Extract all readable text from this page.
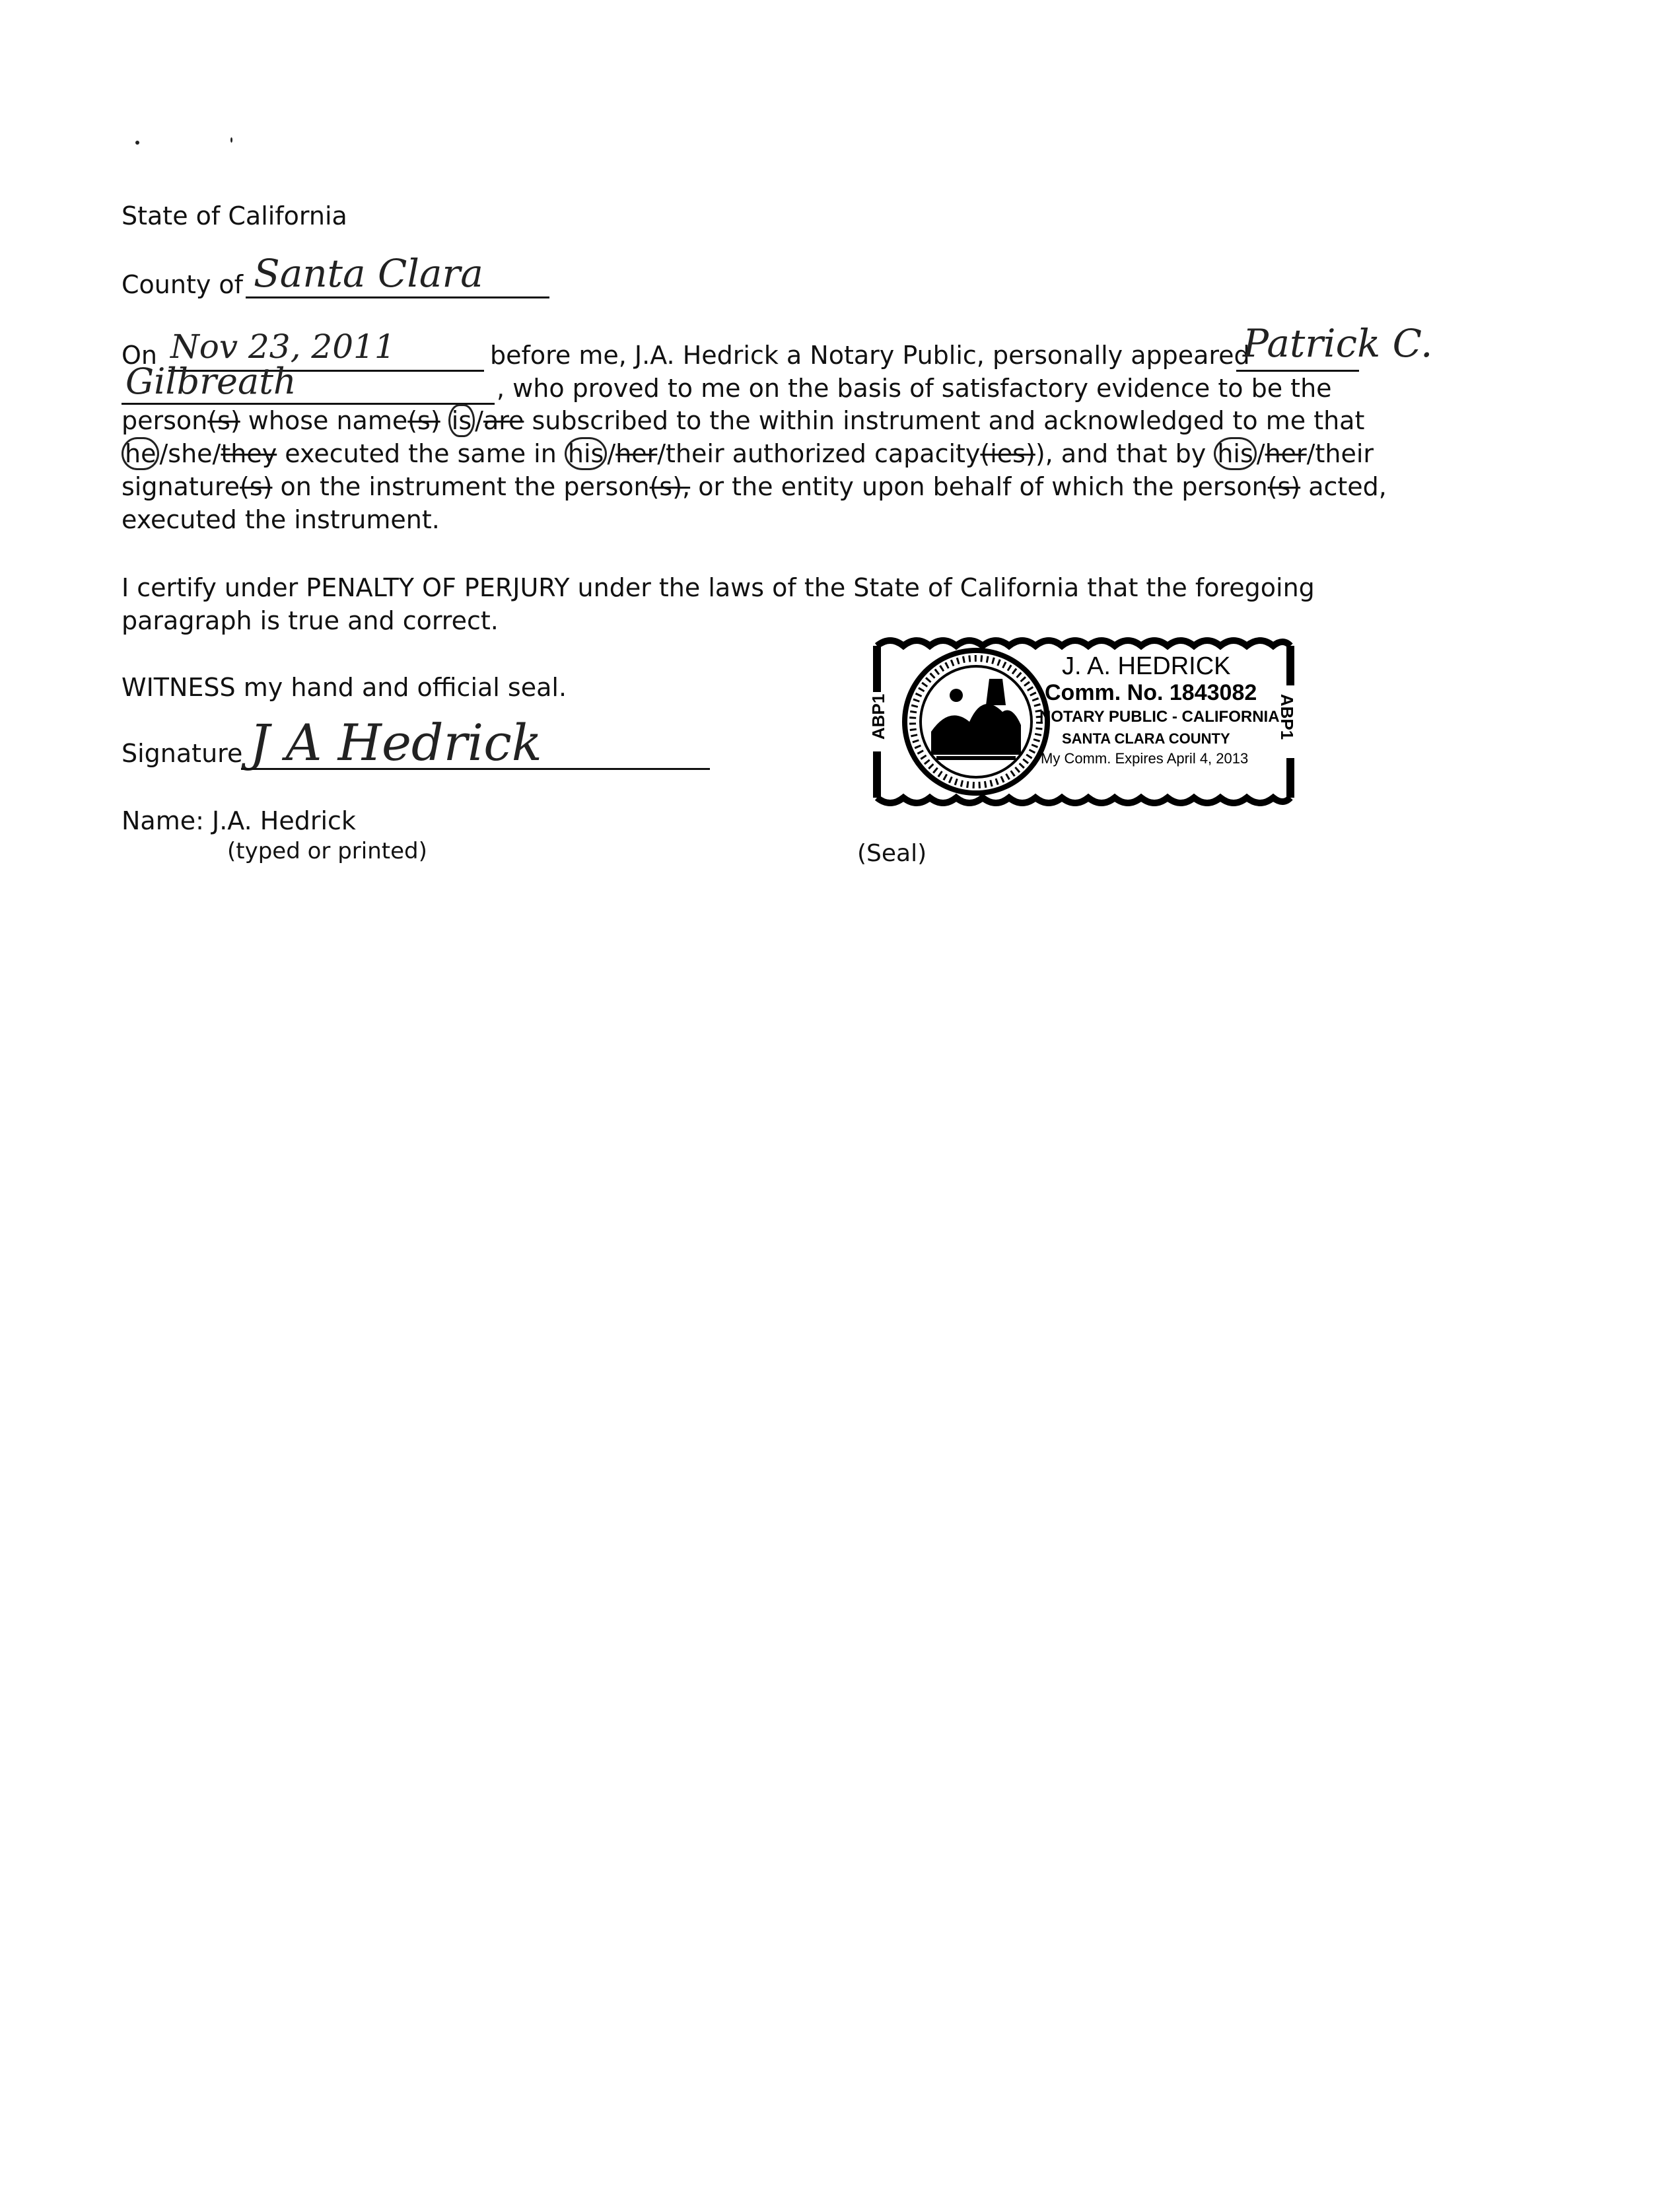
State of California
County of Santa Clara
On Nov 23, 2011	before me, J.A. Hedrick a Notary Public, personally appeared
Patrick C.
Gilbreath	, who proved to me on the basis of satisfactory evidence to be the
person(s) whose name(s) is /are subscribed to the within instrument and acknowledged to me that
he /she/they executed the same in his /her/their authorized capacity(ies)), and that by his /her/their
signature(s) on the instrument the person(s), or the entity upon behalf of which the person(s) acted,
executed the instrument.
I certify under PENALTY OF PERJURY under the laws of the State of California that the foregoing
paragraph is true and correct.
WITNESS my hand and official seal.
Signature J A Hedrick
Name: J.A. Hedrick
(typed or printed)	(Seal)
ABP1	ABP1
J. A. HEDRICK
Comm. No. 1843082
NOTARY PUBLIC - CALIFORNIA
SANTA CLARA COUNTY
My Comm. Expires April 4, 2013
